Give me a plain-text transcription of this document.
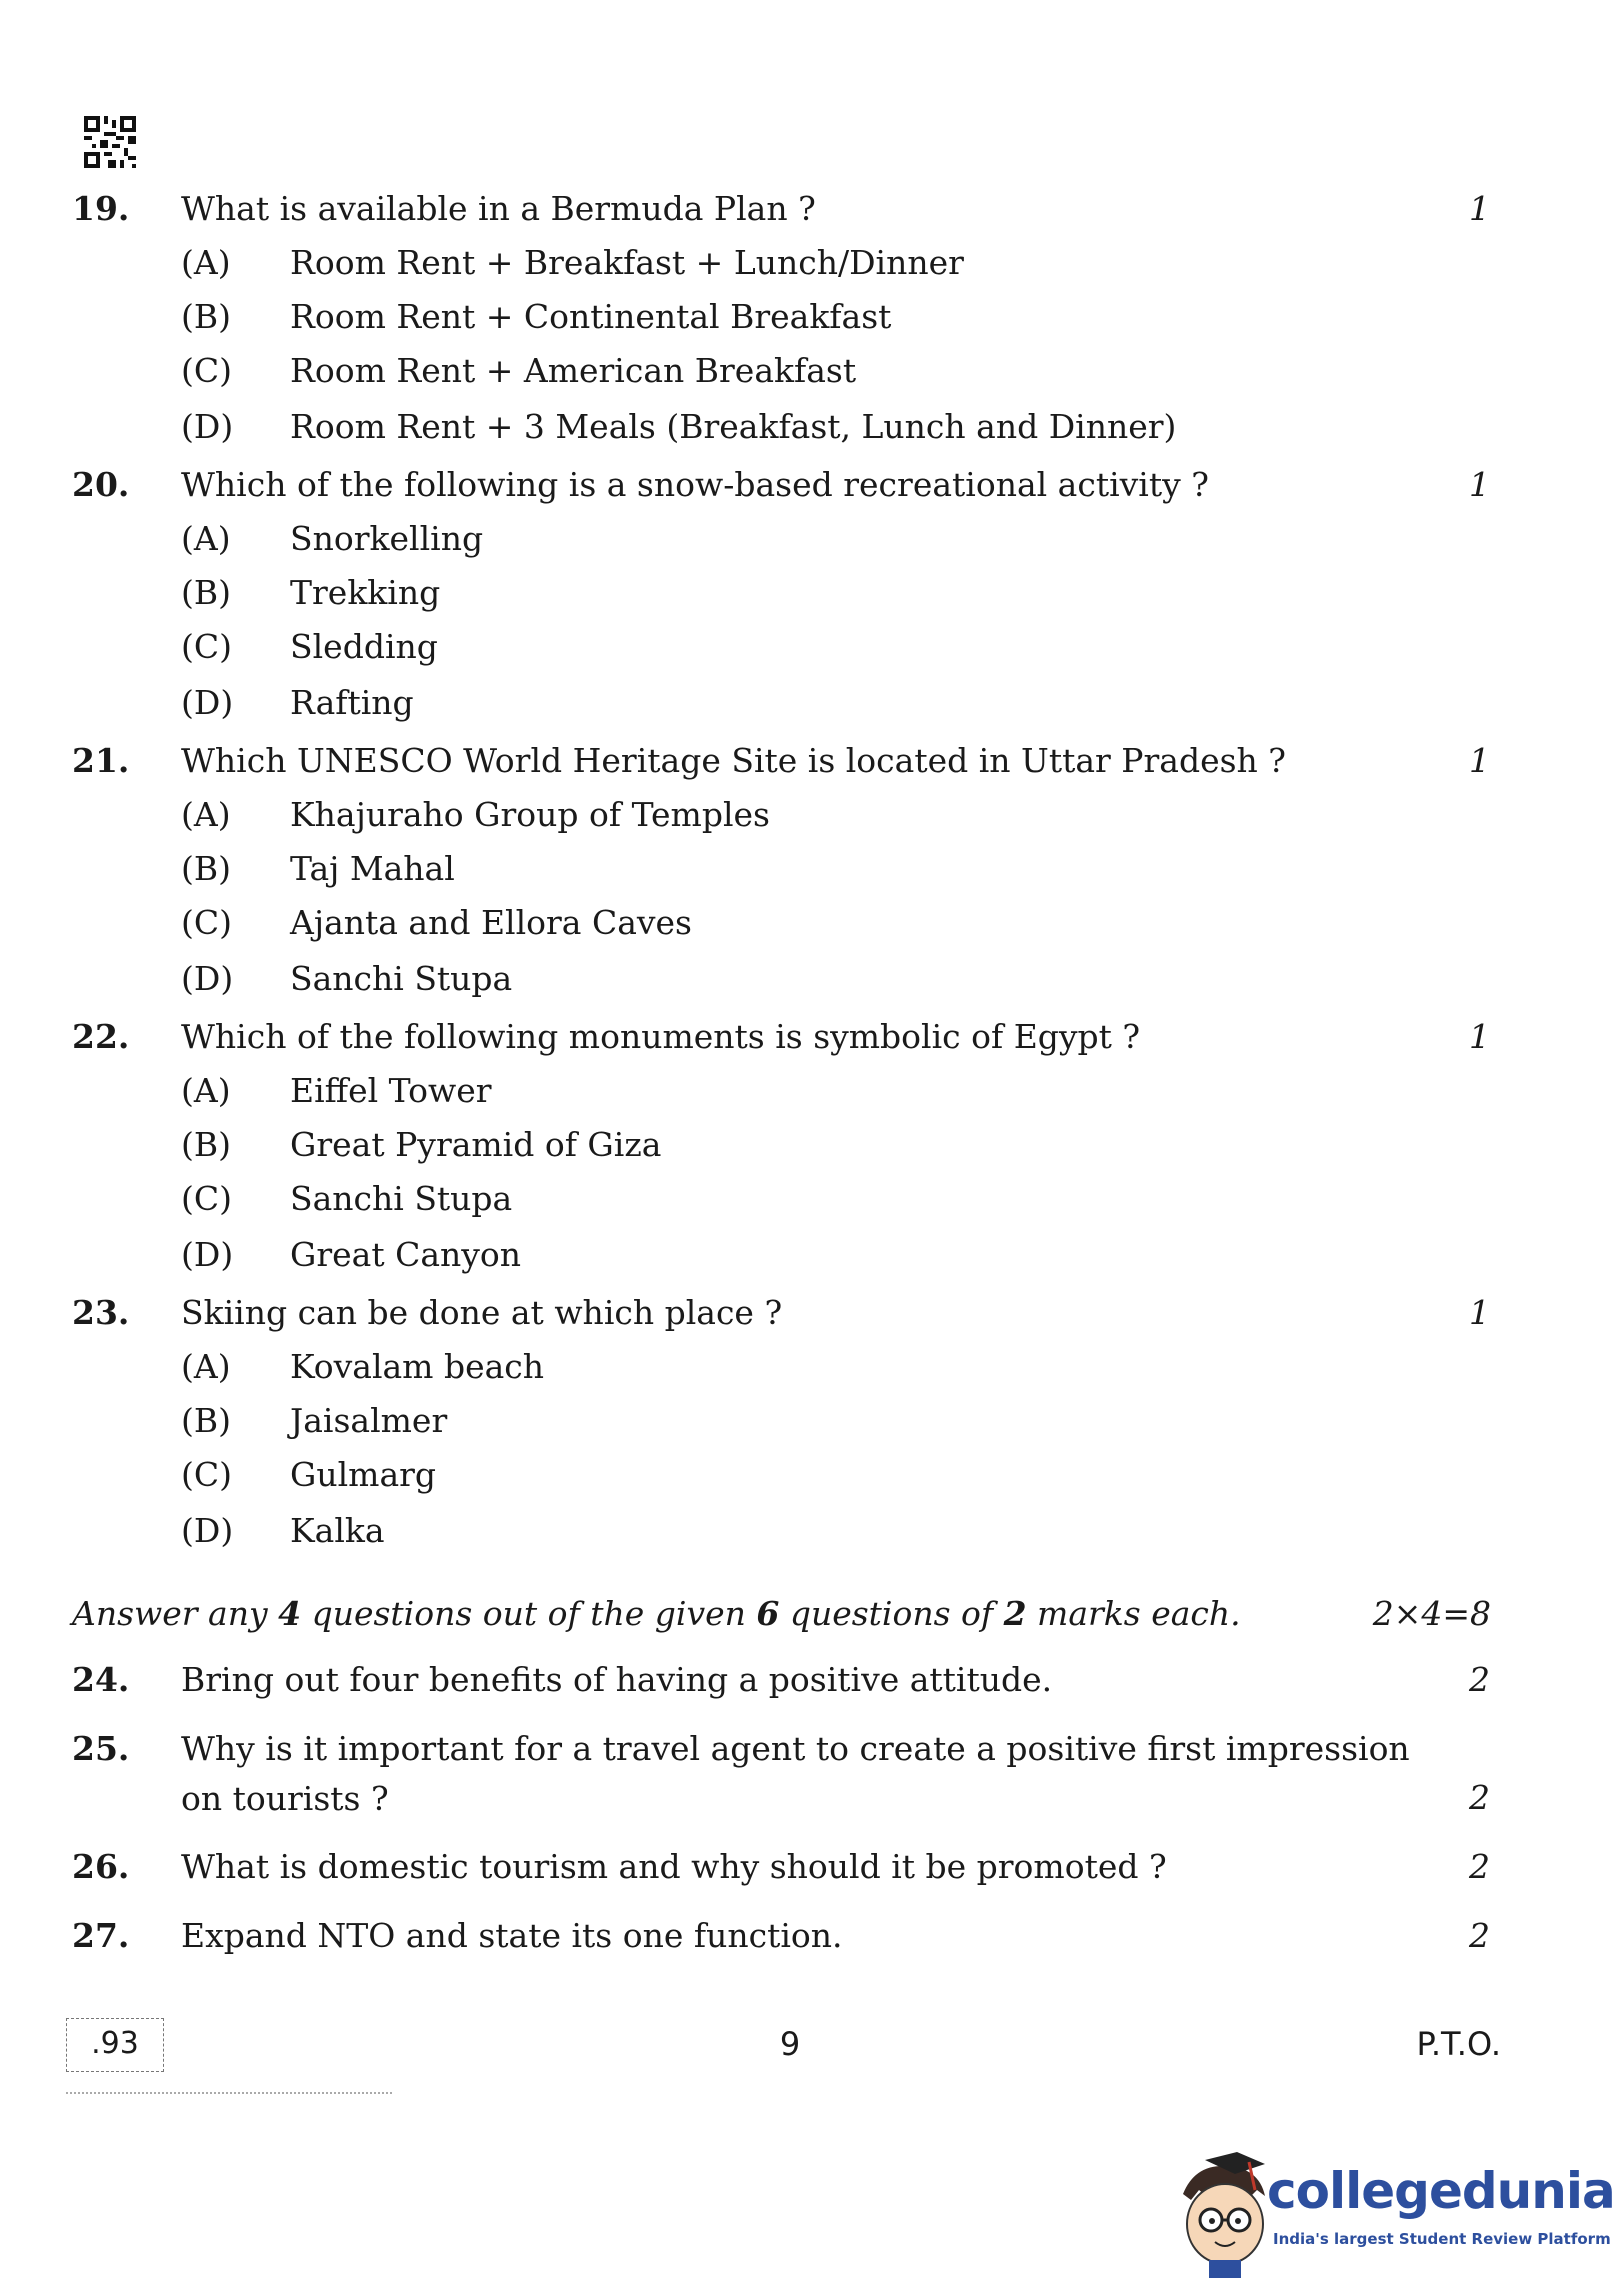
19. What is available in a Bermuda Plan ?	1
(A) Room Rent + Breakfast + Lunch/Dinner
(B) Room Rent + Continental Breakfast
(C) Room Rent + American Breakfast
(D) Room Rent + 3 Meals (Breakfast, Lunch and Dinner)
20. Which of the following is a snow-based recreational activity ?	1
(A) Snorkelling
(B) Trekking
(C) Sledding
(D) Rafting
21. Which UNESCO World Heritage Site is located in Uttar Pradesh ?	1
(A) Khajuraho Group of Temples
(B) Taj Mahal
(C) Ajanta and Ellora Caves
(D) Sanchi Stupa
22. Which of the following monuments is symbolic of Egypt ?	1
(A) Eiffel Tower
(B) Great Pyramid of Giza
(C) Sanchi Stupa
(D) Great Canyon
23. Skiing can be done at which place ?	1
(A) Kovalam beach
(B) Jaisalmer
(C) Gulmarg
(D) Kalka
Answer any 4 questions out of the given 6 questions of 2 marks each.	2×4=8
24. Bring out four benefits of having a positive attitude.	2
25. Why is it important for a travel agent to create a positive first impression on tourists ?	2
26. What is domestic tourism and why should it be promoted ?	2
27. Expand NTO and state its one function.	2
.93	9	P.T.O.
collegedunia
India's largest Student Review Platform
